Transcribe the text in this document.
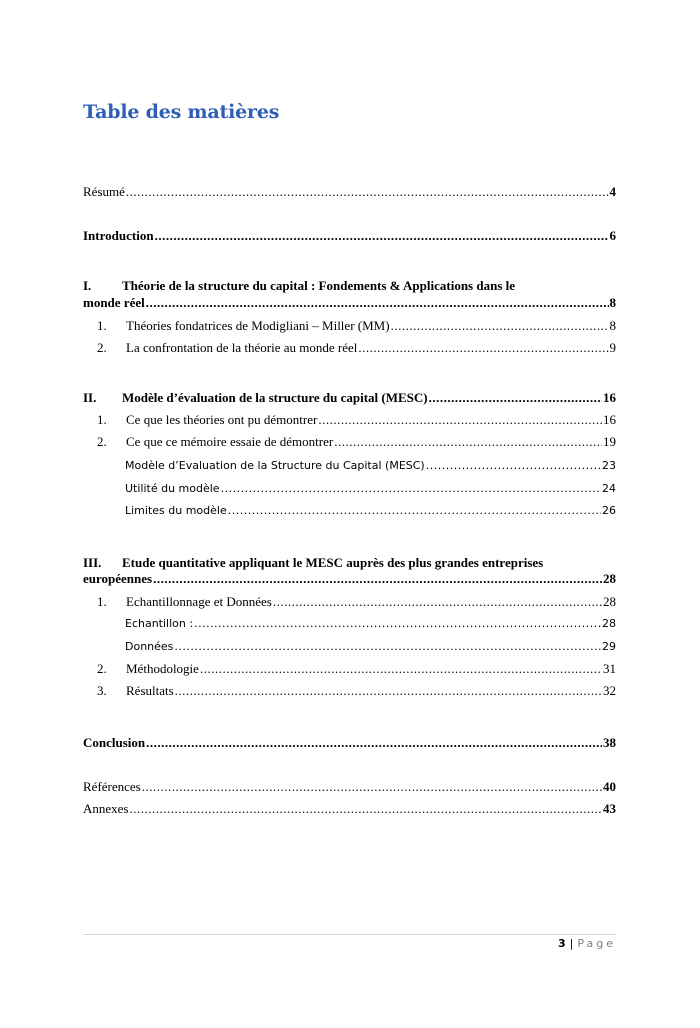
Table des matières
Résumé .....	4
Introduction .....	6
I. Théorie de la structure du capital : Fondements & Applications dans le
monde réel .....	8
1.	Théories fondatrices de Modigliani – Miller (MM) .....	8
2.	La confrontation de la théorie au monde réel .....	9
II.	Modèle d’évaluation de la structure du capital (MESC) .....	16
1.	Ce que les théories ont pu démontrer .....	16
2.	Ce que ce mémoire essaie de démontrer .....	19
Modèle d’Evaluation de la Structure du Capital (MESC) .....	23
Utilité du modèle .....	24
Limites du modèle .....	26
III. Etude quantitative appliquant le MESC auprès des plus grandes entreprises
européennes .....	28
1.	Echantillonnage et Données .....	28
Echantillon : .....	28
Données .....	29
2.	Méthodologie .....	31
3.	Résultats .....	32
Conclusion .....	38
Références .....	40
Annexes .....	43
3 | Page
